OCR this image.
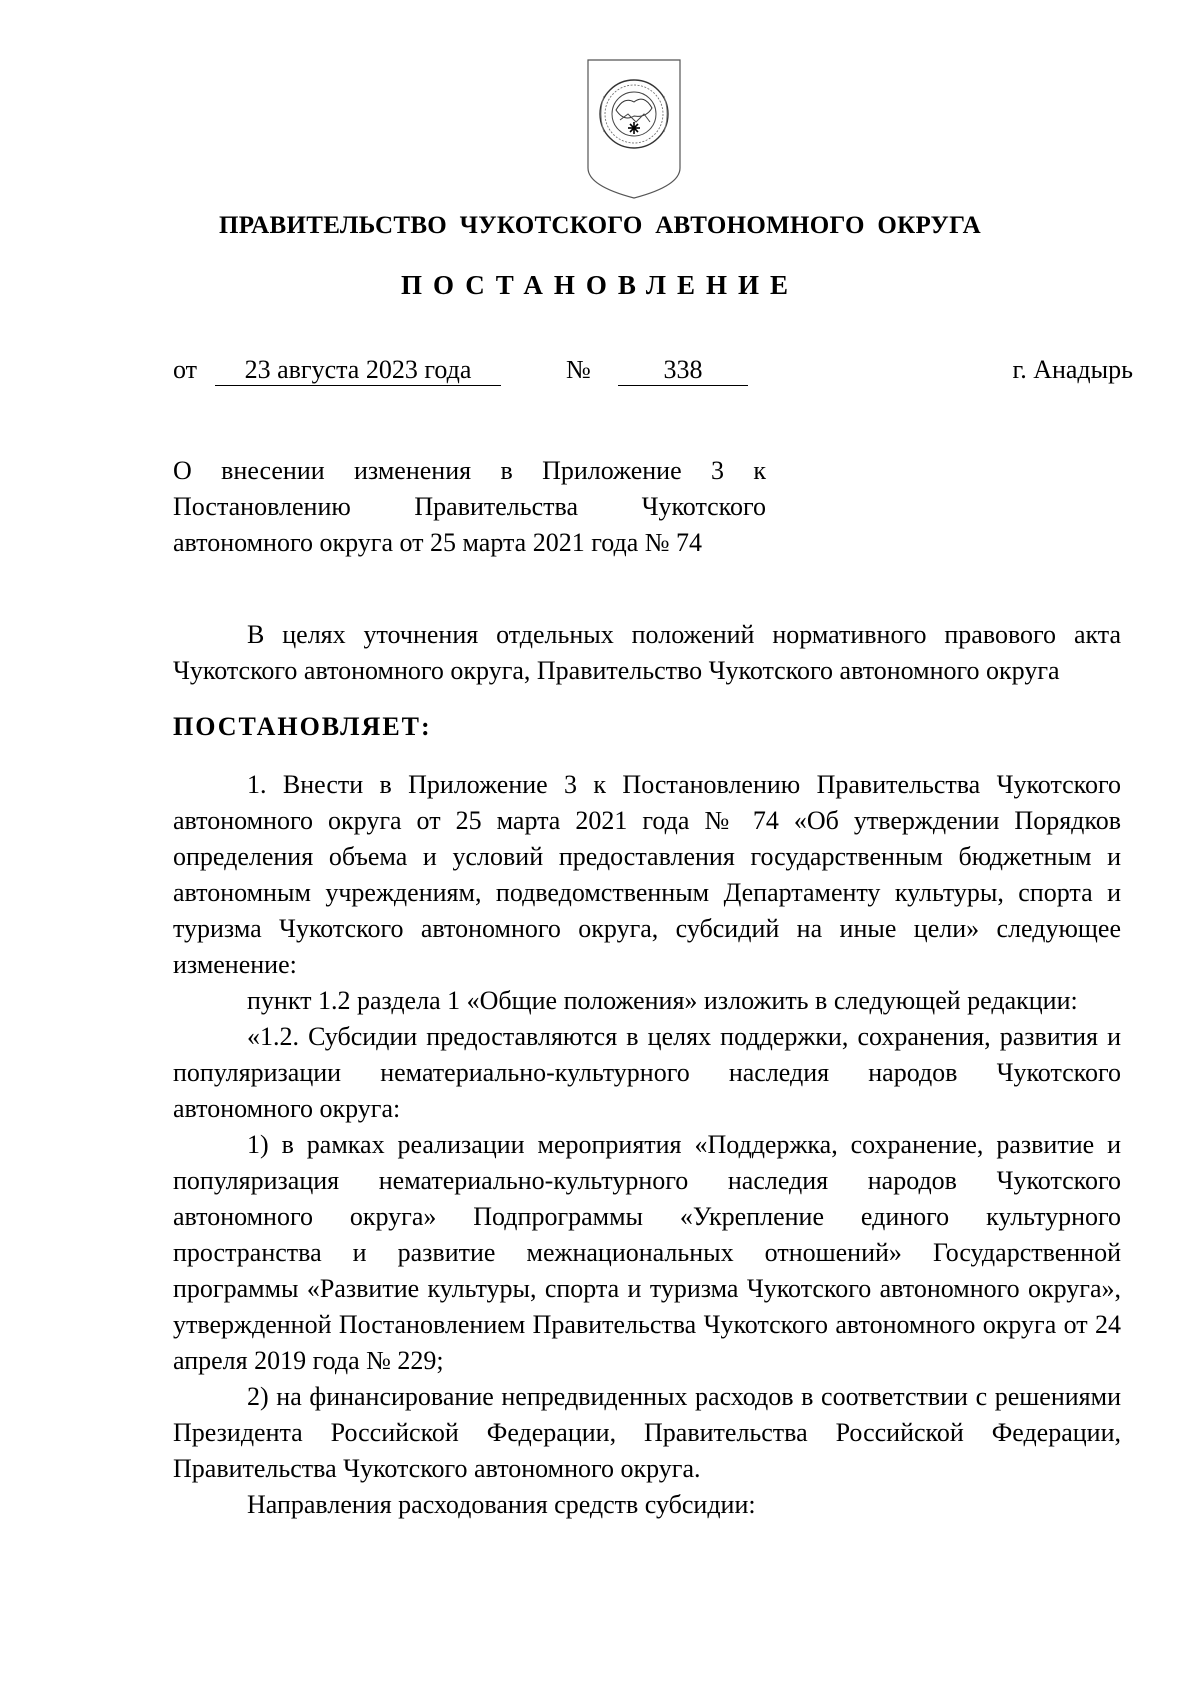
ПРАВИТЕЛЬСТВО ЧУКОТСКОГО АВТОНОМНОГО ОКРУГА
ПОСТАНОВЛЕНИЕ
от	23 августа 2023 года	№	338	г. Анадырь
О внесении изменения в Приложение 3 к
Постановлению Правительства Чукотского
автономного округа от 25 марта 2021 года № 74

В целях уточнения отдельных положений нормативного правового акта Чукотского автономного округа, Правительство Чукотского автономного округа

ПОСТАНОВЛЯЕТ:

1. Внести в Приложение 3 к Постановлению Правительства Чукотского автономного округа от 25 марта 2021 года № 74 «Об утверждении Порядков определения объема и условий предоставления государственным бюджетным и автономным учреждениям, подведомственным Департаменту культуры, спорта и туризма Чукотского автономного округа, субсидий на иные цели» следующее изменение:

пункт 1.2 раздела 1 «Общие положения» изложить в следующей редакции:

«1.2. Субсидии предоставляются в целях поддержки, сохранения, развития и популяризации нематериально-культурного наследия народов Чукотского автономного округа:

1) в рамках реализации мероприятия «Поддержка, сохранение, развитие и популяризация нематериально-культурного наследия народов Чукотского автономного округа» Подпрограммы «Укрепление единого культурного пространства и развитие межнациональных отношений» Государственной программы «Развитие культуры, спорта и туризма Чукотского автономного округа», утвержденной Постановлением Правительства Чукотского автономного округа от 24 апреля 2019 года № 229;

2) на финансирование непредвиденных расходов в соответствии с решениями Президента Российской Федерации, Правительства Российской Федерации, Правительства Чукотского автономного округа.

Направления расходования средств субсидии:
